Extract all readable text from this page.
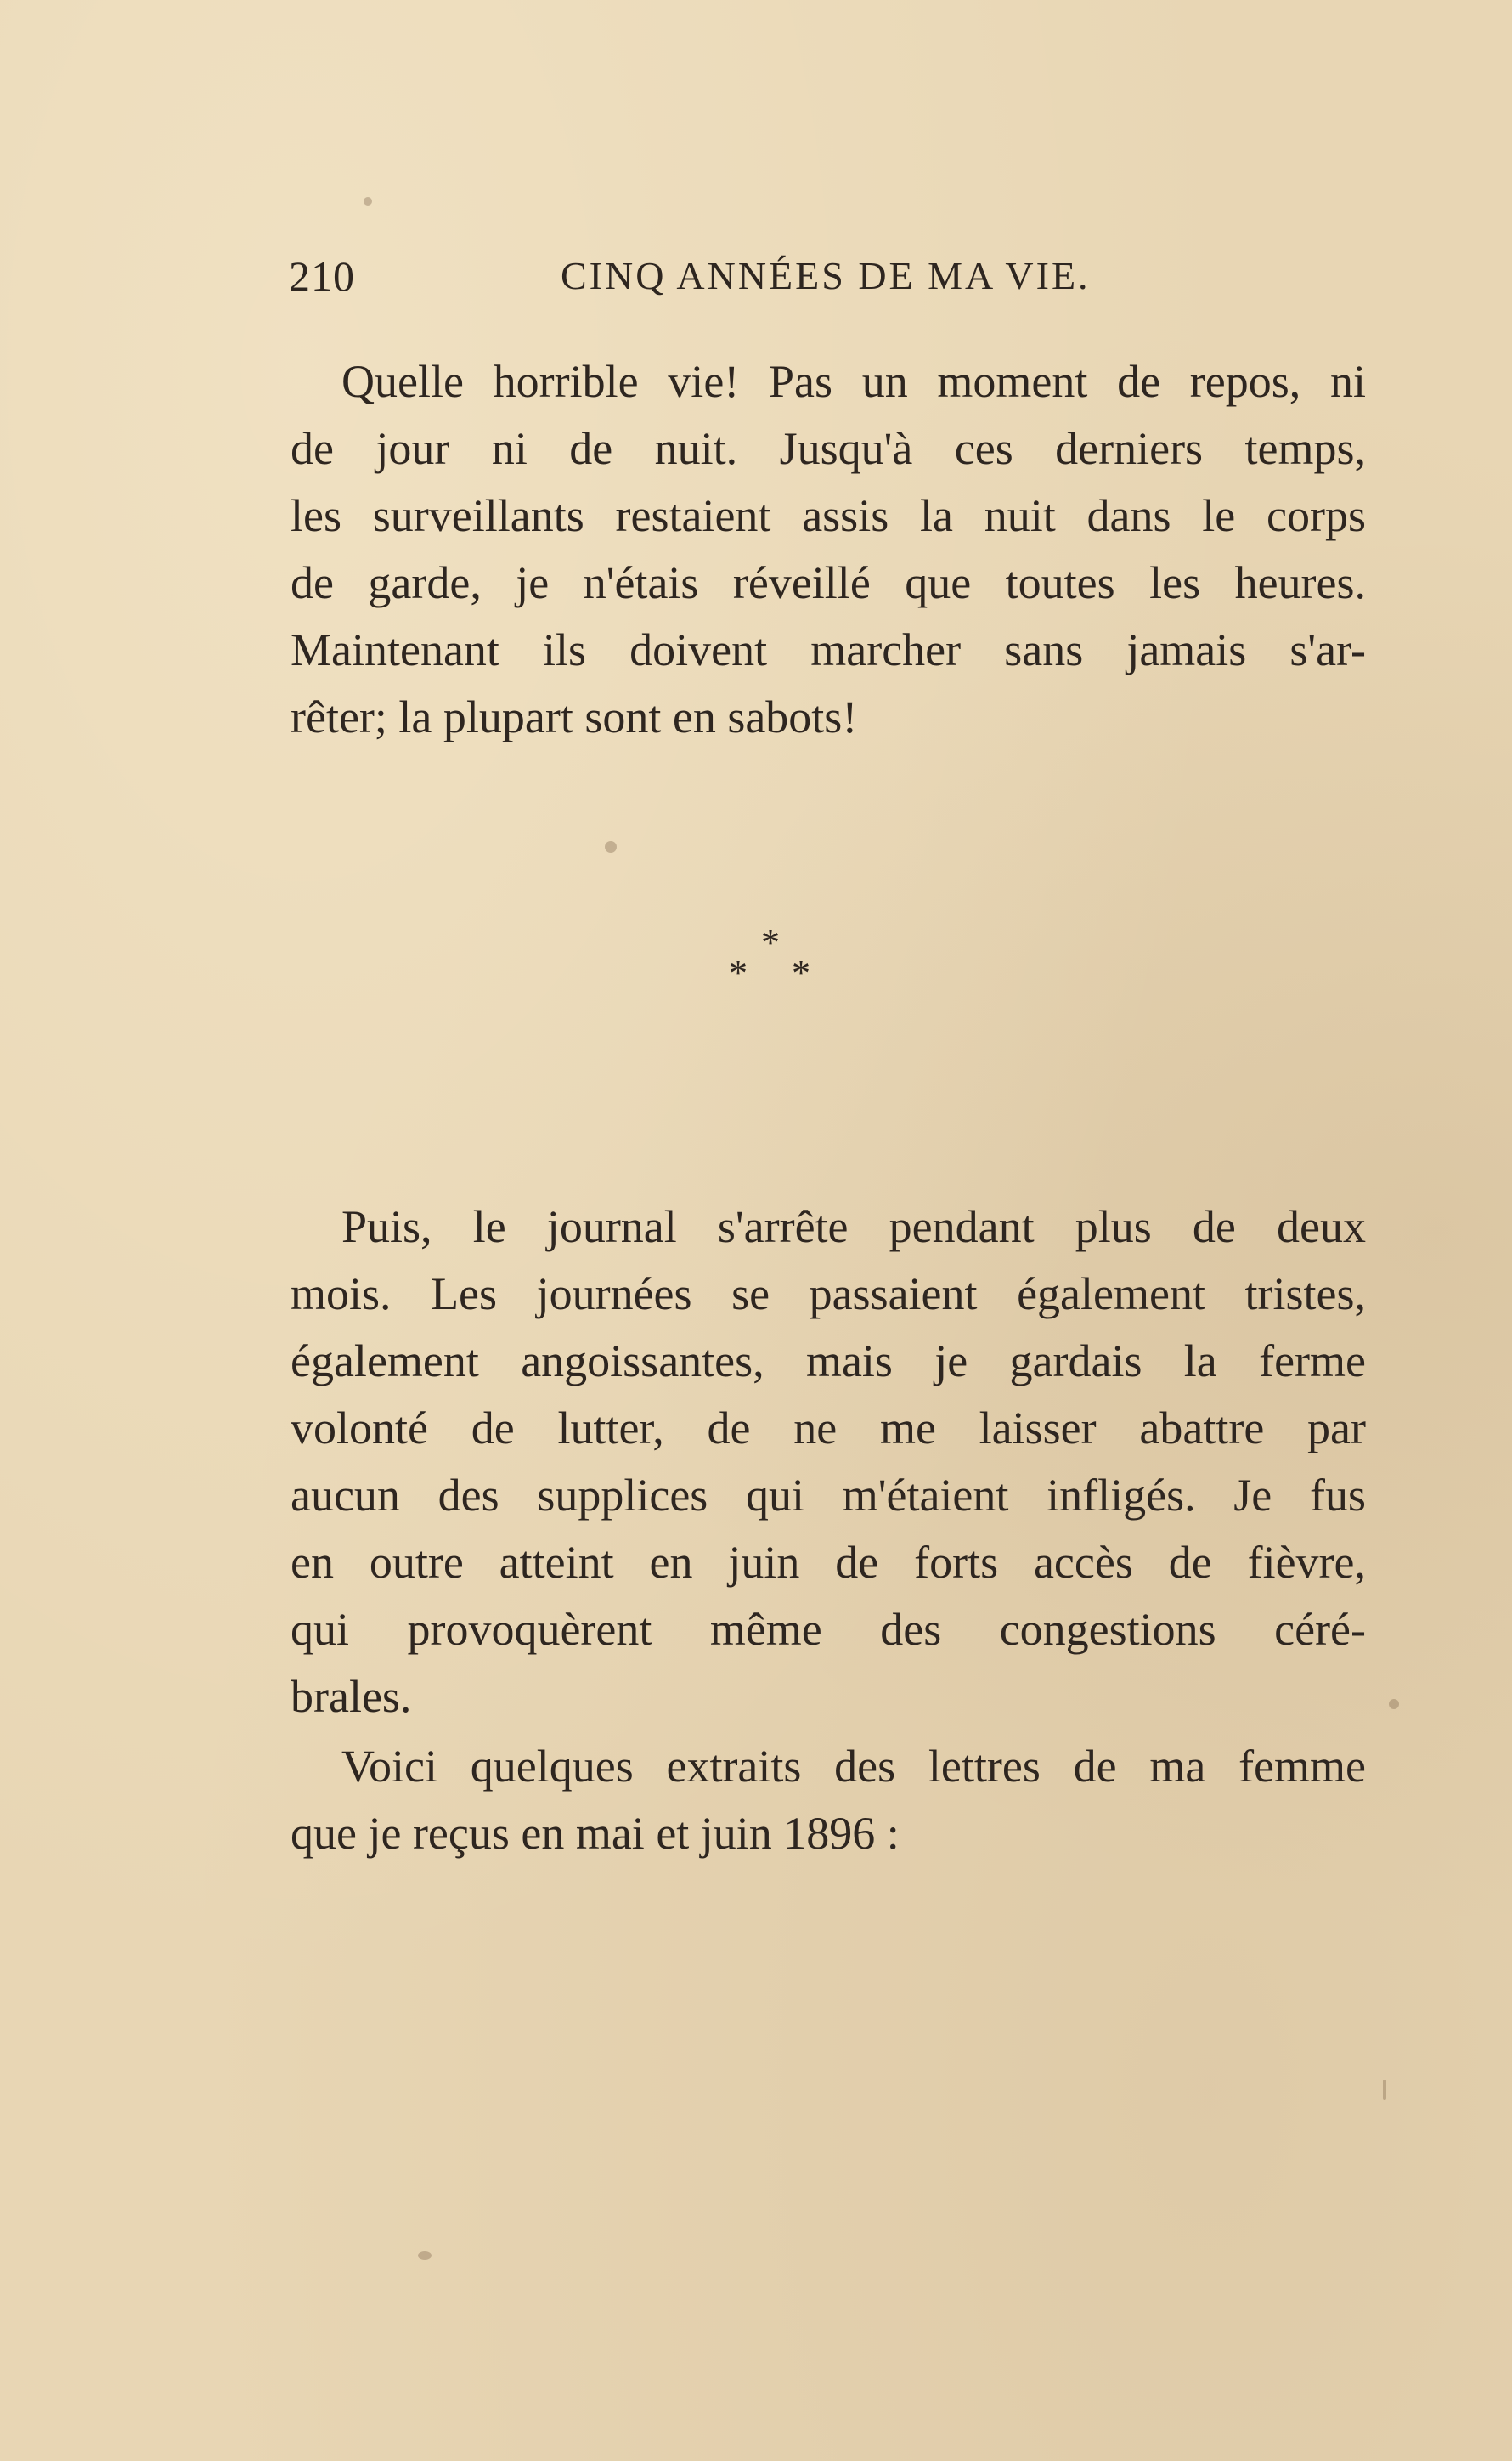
210	CINQ ANNÉES DE MA VIE.
Quelle horrible vie! Pas un moment de repos, ni
de jour ni de nuit. Jusqu'à ces derniers temps,
les surveillants restaient assis la nuit dans le corps
de garde, je n'étais réveillé que toutes les heures.
Maintenant ils doivent marcher sans jamais s'ar-
rêter; la plupart sont en sabots!
*
* *
Puis, le journal s'arrête pendant plus de deux
mois. Les journées se passaient également tristes,
également angoissantes, mais je gardais la ferme
volonté de lutter, de ne me laisser abattre par
aucun des supplices qui m'étaient infligés. Je fus
en outre atteint en juin de forts accès de fièvre,
qui provoquèrent même des congestions céré-
brales.
Voici quelques extraits des lettres de ma femme
que je reçus en mai et juin 1896 :
